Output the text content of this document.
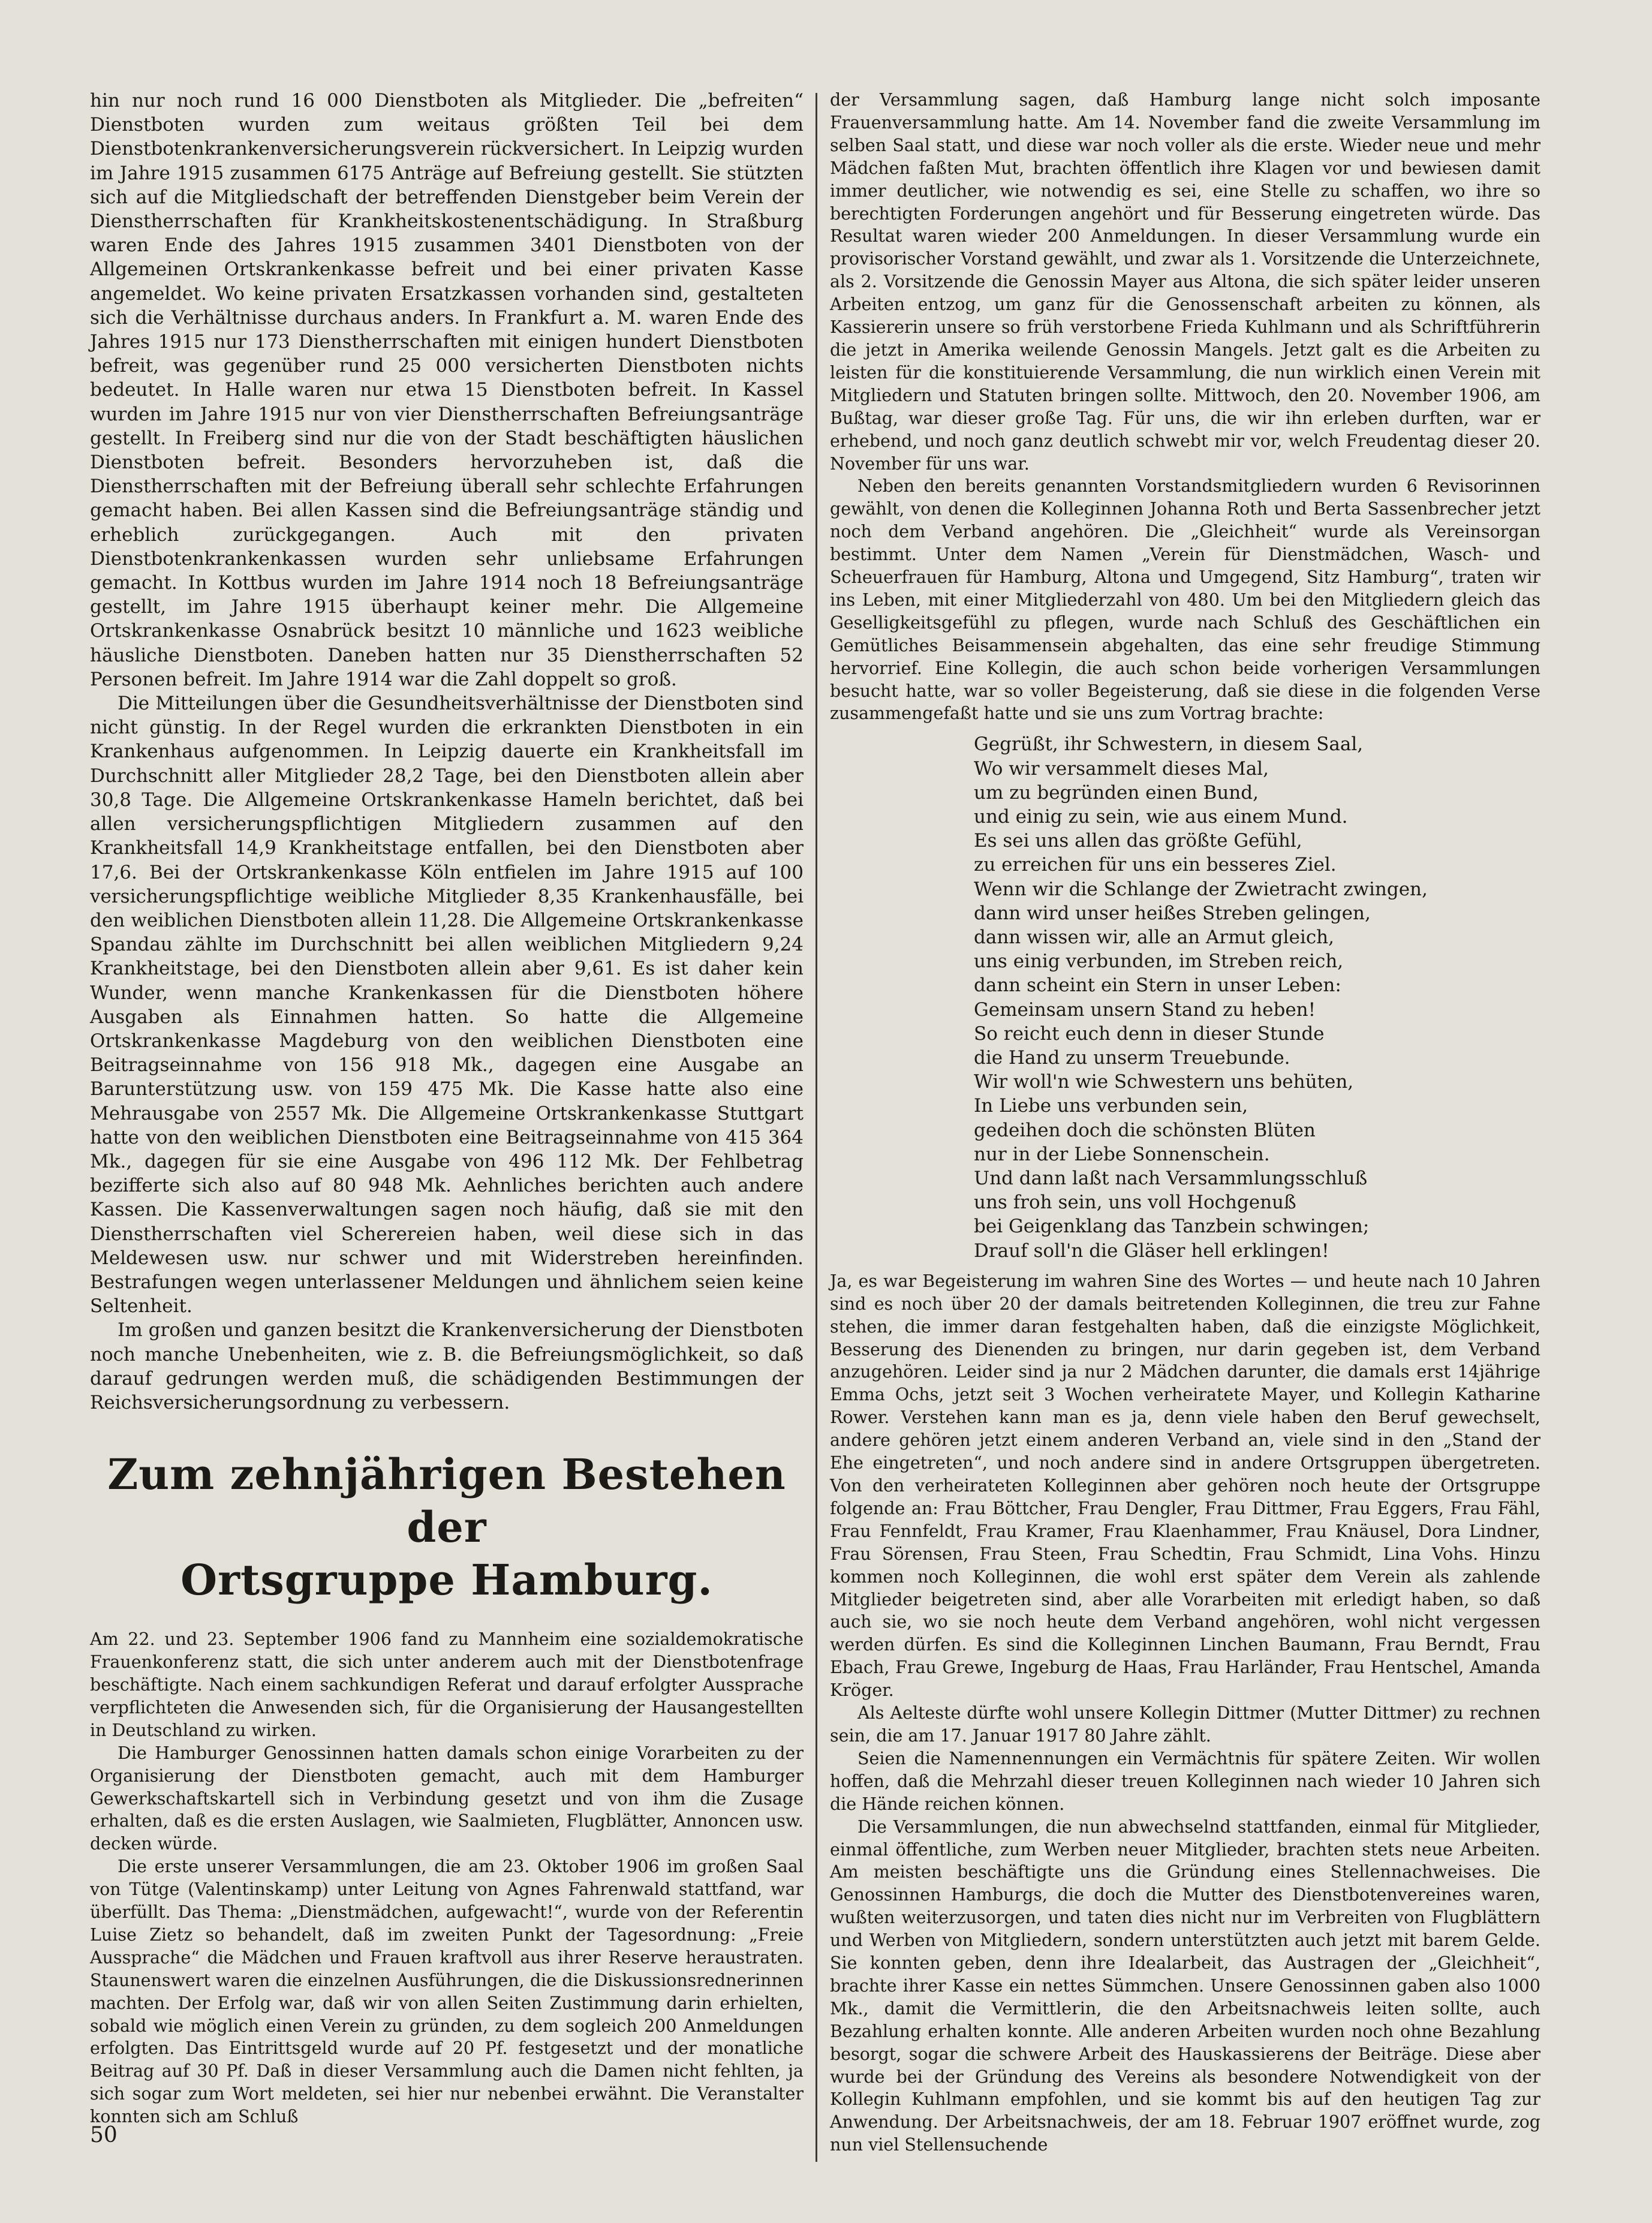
hin nur noch rund 16 000 Dienstboten als Mitglieder. Die „befreiten“ Dienstboten wurden zum weitaus größten Teil bei dem Dienstbotenkrankenversicherungsverein rückversichert. In Leipzig wurden im Jahre 1915 zusammen 6175 Anträge auf Befreiung gestellt. Sie stützten sich auf die Mitgliedschaft der betreffenden Dienstgeber beim Verein der Dienstherrschaften für Krankheitskostenentschädigung. In Straßburg waren Ende des Jahres 1915 zusammen 3401 Dienstboten von der Allgemeinen Ortskrankenkasse befreit und bei einer privaten Kasse angemeldet. Wo keine privaten Ersatzkassen vorhanden sind, gestalteten sich die Verhältnisse durchaus anders. In Frankfurt a. M. waren Ende des Jahres 1915 nur 173 Dienstherrschaften mit einigen hundert Dienstboten befreit, was gegenüber rund 25 000 versicherten Dienstboten nichts bedeutet. In Halle waren nur etwa 15 Dienstboten befreit. In Kassel wurden im Jahre 1915 nur von vier Dienstherrschaften Befreiungsanträge gestellt. In Freiberg sind nur die von der Stadt beschäftigten häuslichen Dienstboten befreit. Besonders hervorzuheben ist, daß die Dienstherrschaften mit der Befreiung überall sehr schlechte Erfahrungen gemacht haben. Bei allen Kassen sind die Befreiungsanträge ständig und erheblich zurückgegangen. Auch mit den privaten Dienstbotenkrankenkassen wurden sehr unliebsame Erfahrungen gemacht. In Kottbus wurden im Jahre 1914 noch 18 Befreiungsanträge gestellt, im Jahre 1915 überhaupt keiner mehr. Die Allgemeine Ortskrankenkasse Osnabrück besitzt 10 männliche und 1623 weibliche häusliche Dienstboten. Daneben hatten nur 35 Dienstherrschaften 52 Personen befreit. Im Jahre 1914 war die Zahl doppelt so groß.

Die Mitteilungen über die Gesundheitsverhältnisse der Dienstboten sind nicht günstig. In der Regel wurden die erkrankten Dienstboten in ein Krankenhaus aufgenommen. In Leipzig dauerte ein Krankheitsfall im Durchschnitt aller Mitglieder 28,2 Tage, bei den Dienstboten allein aber 30,8 Tage. Die Allgemeine Ortskrankenkasse Hameln berichtet, daß bei allen versicherungspflichtigen Mitgliedern zusammen auf den Krankheitsfall 14,9 Krankheitstage entfallen, bei den Dienstboten aber 17,6. Bei der Ortskrankenkasse Köln entfielen im Jahre 1915 auf 100 versicherungspflichtige weibliche Mitglieder 8,35 Krankenhausfälle, bei den weiblichen Dienstboten allein 11,28. Die Allgemeine Ortskrankenkasse Spandau zählte im Durchschnitt bei allen weiblichen Mitgliedern 9,24 Krankheitstage, bei den Dienstboten allein aber 9,61. Es ist daher kein Wunder, wenn manche Krankenkassen für die Dienstboten höhere Ausgaben als Einnahmen hatten. So hatte die Allgemeine Ortskrankenkasse Magdeburg von den weiblichen Dienstboten eine Beitragseinnahme von 156 918 Mk., dagegen eine Ausgabe an Barunterstützung usw. von 159 475 Mk. Die Kasse hatte also eine Mehrausgabe von 2557 Mk. Die Allgemeine Ortskrankenkasse Stuttgart hatte von den weiblichen Dienstboten eine Beitragseinnahme von 415 364 Mk., dagegen für sie eine Ausgabe von 496 112 Mk. Der Fehlbetrag bezifferte sich also auf 80 948 Mk. Aehnliches berichten auch andere Kassen. Die Kassenverwaltungen sagen noch häufig, daß sie mit den Dienstherrschaften viel Scherereien haben, weil diese sich in das Meldewesen usw. nur schwer und mit Widerstreben hereinfinden. Bestrafungen wegen unterlassener Meldungen und ähnlichem seien keine Seltenheit.

Im großen und ganzen besitzt die Krankenversicherung der Dienstboten noch manche Unebenheiten, wie z. B. die Befreiungsmöglichkeit, so daß darauf gedrungen werden muß, die schädigenden Bestimmungen der Reichsversicherungsordnung zu verbessern.

Zum zehnjährigen Bestehen der
Ortsgruppe Hamburg.

Am 22. und 23. September 1906 fand zu Mannheim eine sozialdemokratische Frauenkonferenz statt, die sich unter anderem auch mit der Dienstbotenfrage beschäftigte. Nach einem sachkundigen Referat und darauf erfolgter Aussprache verpflichteten die Anwesenden sich, für die Organisierung der Hausangestellten in Deutschland zu wirken.

Die Hamburger Genossinnen hatten damals schon einige Vorarbeiten zu der Organisierung der Dienstboten gemacht, auch mit dem Hamburger Gewerkschaftskartell sich in Verbindung gesetzt und von ihm die Zusage erhalten, daß es die ersten Auslagen, wie Saalmieten, Flugblätter, Annoncen usw. decken würde.

Die erste unserer Versammlungen, die am 23. Oktober 1906 im großen Saal von Tütge (Valentinskamp) unter Leitung von Agnes Fahrenwald stattfand, war überfüllt. Das Thema: „Dienstmädchen, aufgewacht!“, wurde von der Referentin Luise Zietz so behandelt, daß im zweiten Punkt der Tagesordnung: „Freie Aussprache“ die Mädchen und Frauen kraftvoll aus ihrer Reserve heraustraten. Staunenswert waren die einzelnen Ausführungen, die die Diskussionsrednerinnen machten. Der Erfolg war, daß wir von allen Seiten Zustimmung darin erhielten, sobald wie möglich einen Verein zu gründen, zu dem sogleich 200 Anmeldungen erfolgten. Das Eintrittsgeld wurde auf 20 Pf. festgesetzt und der monatliche Beitrag auf 30 Pf. Daß in dieser Versammlung auch die Damen nicht fehlten, ja sich sogar zum Wort meldeten, sei hier nur nebenbei erwähnt. Die Veranstalter konnten sich am Schluß

der Versammlung sagen, daß Hamburg lange nicht solch imposante Frauenversammlung hatte. Am 14. November fand die zweite Versammlung im selben Saal statt, und diese war noch voller als die erste. Wieder neue und mehr Mädchen faßten Mut, brachten öffentlich ihre Klagen vor und bewiesen damit immer deutlicher, wie notwendig es sei, eine Stelle zu schaffen, wo ihre so berechtigten Forderungen angehört und für Besserung eingetreten würde. Das Resultat waren wieder 200 Anmeldungen. In dieser Versammlung wurde ein provisorischer Vorstand gewählt, und zwar als 1. Vorsitzende die Unterzeichnete, als 2. Vorsitzende die Genossin Mayer aus Altona, die sich später leider unseren Arbeiten entzog, um ganz für die Genossenschaft arbeiten zu können, als Kassiererin unsere so früh verstorbene Frieda Kuhlmann und als Schriftführerin die jetzt in Amerika weilende Genossin Mangels. Jetzt galt es die Arbeiten zu leisten für die konstituierende Versammlung, die nun wirklich einen Verein mit Mitgliedern und Statuten bringen sollte. Mittwoch, den 20. November 1906, am Bußtag, war dieser große Tag. Für uns, die wir ihn erleben durften, war er erhebend, und noch ganz deutlich schwebt mir vor, welch Freudentag dieser 20. November für uns war.

Neben den bereits genannten Vorstandsmitgliedern wurden 6 Revisorinnen gewählt, von denen die Kolleginnen Johanna Roth und Berta Sassenbrecher jetzt noch dem Verband angehören. Die „Gleichheit“ wurde als Vereinsorgan bestimmt. Unter dem Namen „Verein für Dienstmädchen, Wasch- und Scheuerfrauen für Hamburg, Altona und Umgegend, Sitz Hamburg“, traten wir ins Leben, mit einer Mitgliederzahl von 480. Um bei den Mitgliedern gleich das Geselligkeitsgefühl zu pflegen, wurde nach Schluß des Geschäftlichen ein Gemütliches Beisammensein abgehalten, das eine sehr freudige Stimmung hervorrief. Eine Kollegin, die auch schon beide vorherigen Versammlungen besucht hatte, war so voller Begeisterung, daß sie diese in die folgenden Verse zusammengefaßt hatte und sie uns zum Vortrag brachte:

Gegrüßt, ihr Schwestern, in diesem Saal,
Wo wir versammelt dieses Mal,
um zu begründen einen Bund,
und einig zu sein, wie aus einem Mund.
Es sei uns allen das größte Gefühl,
zu erreichen für uns ein besseres Ziel.
Wenn wir die Schlange der Zwietracht zwingen,
dann wird unser heißes Streben gelingen,
dann wissen wir, alle an Armut gleich,
uns einig verbunden, im Streben reich,
dann scheint ein Stern in unser Leben:
Gemeinsam unsern Stand zu heben!
So reicht euch denn in dieser Stunde
die Hand zu unserm Treuebunde.
Wir woll'n wie Schwestern uns behüten,
In Liebe uns verbunden sein,
gedeihen doch die schönsten Blüten
nur in der Liebe Sonnenschein.
Und dann laßt nach Versammlungsschluß
uns froh sein, uns voll Hochgenuß
bei Geigenklang das Tanzbein schwingen;
Drauf soll'n die Gläser hell erklingen!

Ja, es war Begeisterung im wahren Sine des Wortes — und heute nach 10 Jahren sind es noch über 20 der damals beitretenden Kolleginnen, die treu zur Fahne stehen, die immer daran festgehalten haben, daß die einzigste Möglichkeit, Besserung des Dienenden zu bringen, nur darin gegeben ist, dem Verband anzugehören. Leider sind ja nur 2 Mädchen darunter, die damals erst 14jährige Emma Ochs, jetzt seit 3 Wochen verheiratete Mayer, und Kollegin Katharine Rower. Verstehen kann man es ja, denn viele haben den Beruf gewechselt, andere gehören jetzt einem anderen Verband an, viele sind in den „Stand der Ehe eingetreten“, und noch andere sind in andere Ortsgruppen übergetreten. Von den verheirateten Kolleginnen aber gehören noch heute der Ortsgruppe folgende an: Frau Böttcher, Frau Dengler, Frau Dittmer, Frau Eggers, Frau Fähl, Frau Fennfeldt, Frau Kramer, Frau Klaenhammer, Frau Knäusel, Dora Lindner, Frau Sörensen, Frau Steen, Frau Schedtin, Frau Schmidt, Lina Vohs. Hinzu kommen noch Kolleginnen, die wohl erst später dem Verein als zahlende Mitglieder beigetreten sind, aber alle Vorarbeiten mit erledigt haben, so daß auch sie, wo sie noch heute dem Verband angehören, wohl nicht vergessen werden dürfen. Es sind die Kolleginnen Linchen Baumann, Frau Berndt, Frau Ebach, Frau Grewe, Ingeburg de Haas, Frau Harländer, Frau Hentschel, Amanda Kröger.

Als Aelteste dürfte wohl unsere Kollegin Dittmer (Mutter Dittmer) zu rechnen sein, die am 17. Januar 1917 80 Jahre zählt.

Seien die Namennennungen ein Vermächtnis für spätere Zeiten. Wir wollen hoffen, daß die Mehrzahl dieser treuen Kolleginnen nach wieder 10 Jahren sich die Hände reichen können.

Die Versammlungen, die nun abwechselnd stattfanden, einmal für Mitglieder, einmal öffentliche, zum Werben neuer Mitglieder, brachten stets neue Arbeiten. Am meisten beschäftigte uns die Gründung eines Stellennachweises. Die Genossinnen Hamburgs, die doch die Mutter des Dienstbotenvereines waren, wußten weiterzusorgen, und taten dies nicht nur im Verbreiten von Flugblättern und Werben von Mitgliedern, sondern unterstützten auch jetzt mit barem Gelde. Sie konnten geben, denn ihre Idealarbeit, das Austragen der „Gleichheit“, brachte ihrer Kasse ein nettes Sümmchen. Unsere Genossinnen gaben also 1000 Mk., damit die Vermittlerin, die den Arbeitsnachweis leiten sollte, auch Bezahlung erhalten konnte. Alle anderen Arbeiten wurden noch ohne Bezahlung besorgt, sogar die schwere Arbeit des Hauskassierens der Beiträge. Diese aber wurde bei der Gründung des Vereins als besondere Notwendigkeit von der Kollegin Kuhlmann empfohlen, und sie kommt bis auf den heutigen Tag zur Anwendung. Der Arbeitsnachweis, der am 18. Februar 1907 eröffnet wurde, zog nun viel Stellensuchende

50
